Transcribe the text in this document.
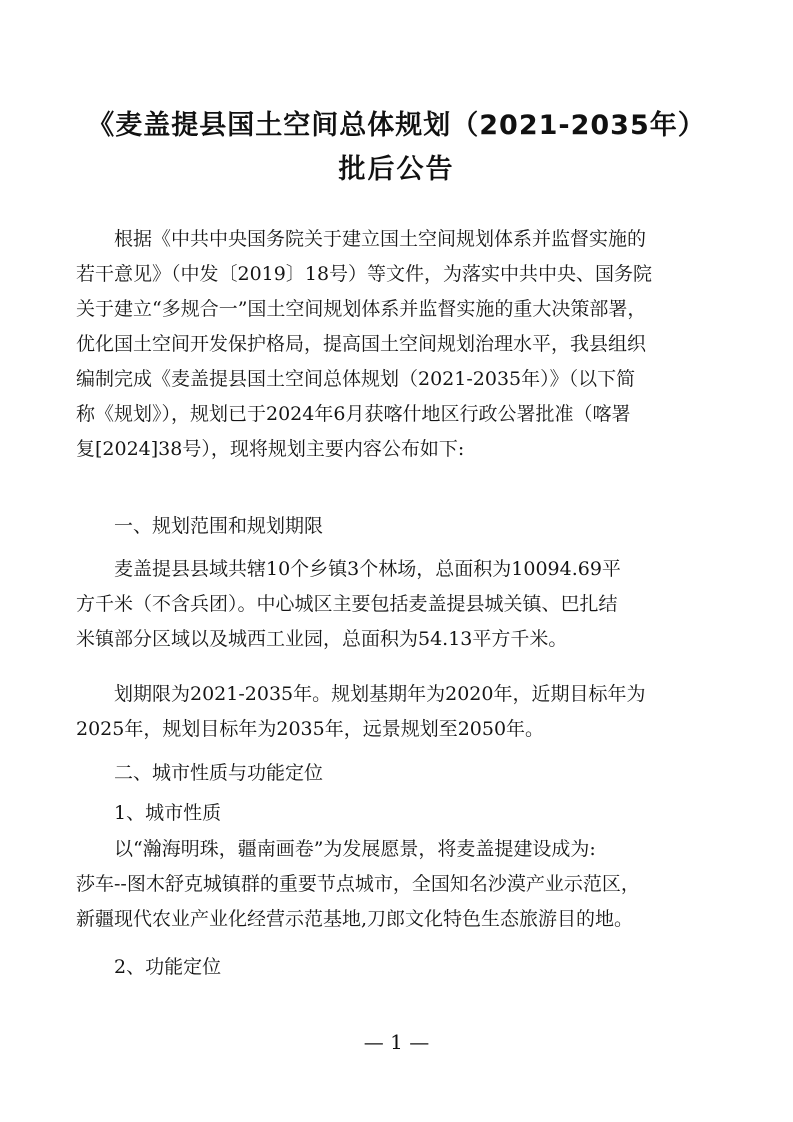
《麦盖提县国土空间总体规划（2021-2035年）
批后公告
根据《中共中央国务院关于建立国土空间规划体系并监督实施的
若干意见》（中发〔2019〕18号）等文件，为落实中共中央、国务院
关于建立“多规合一”国土空间规划体系并监督实施的重大决策部署，
优化国土空间开发保护格局，提高国土空间规划治理水平，我县组织
编制完成《麦盖提县国土空间总体规划（2021-2035年）》（以下简
称《规划》），规划已于2024年6月获喀什地区行政公署批准（喀署
复[2024]38号），现将规划主要内容公布如下:
一、规划范围和规划期限
麦盖提县县域共辖10个乡镇3个林场，总面积为10094.69平
方千米（不含兵团）。中心城区主要包括麦盖提县城关镇、巴扎结
米镇部分区域以及城西工业园，总面积为54.13平方千米。
划期限为2021-2035年。规划基期年为2020年，近期目标年为
2025年，规划目标年为2035年，远景规划至2050年。
二、城市性质与功能定位
1、城市性质
以“瀚海明珠，疆南画卷”为发展愿景，将麦盖提建设成为:
莎车--图木舒克城镇群的重要节点城市，全国知名沙漠产业示范区，
新疆现代农业产业化经营示范基地,刀郎文化特色生态旅游目的地。
2、功能定位
— 1 —
